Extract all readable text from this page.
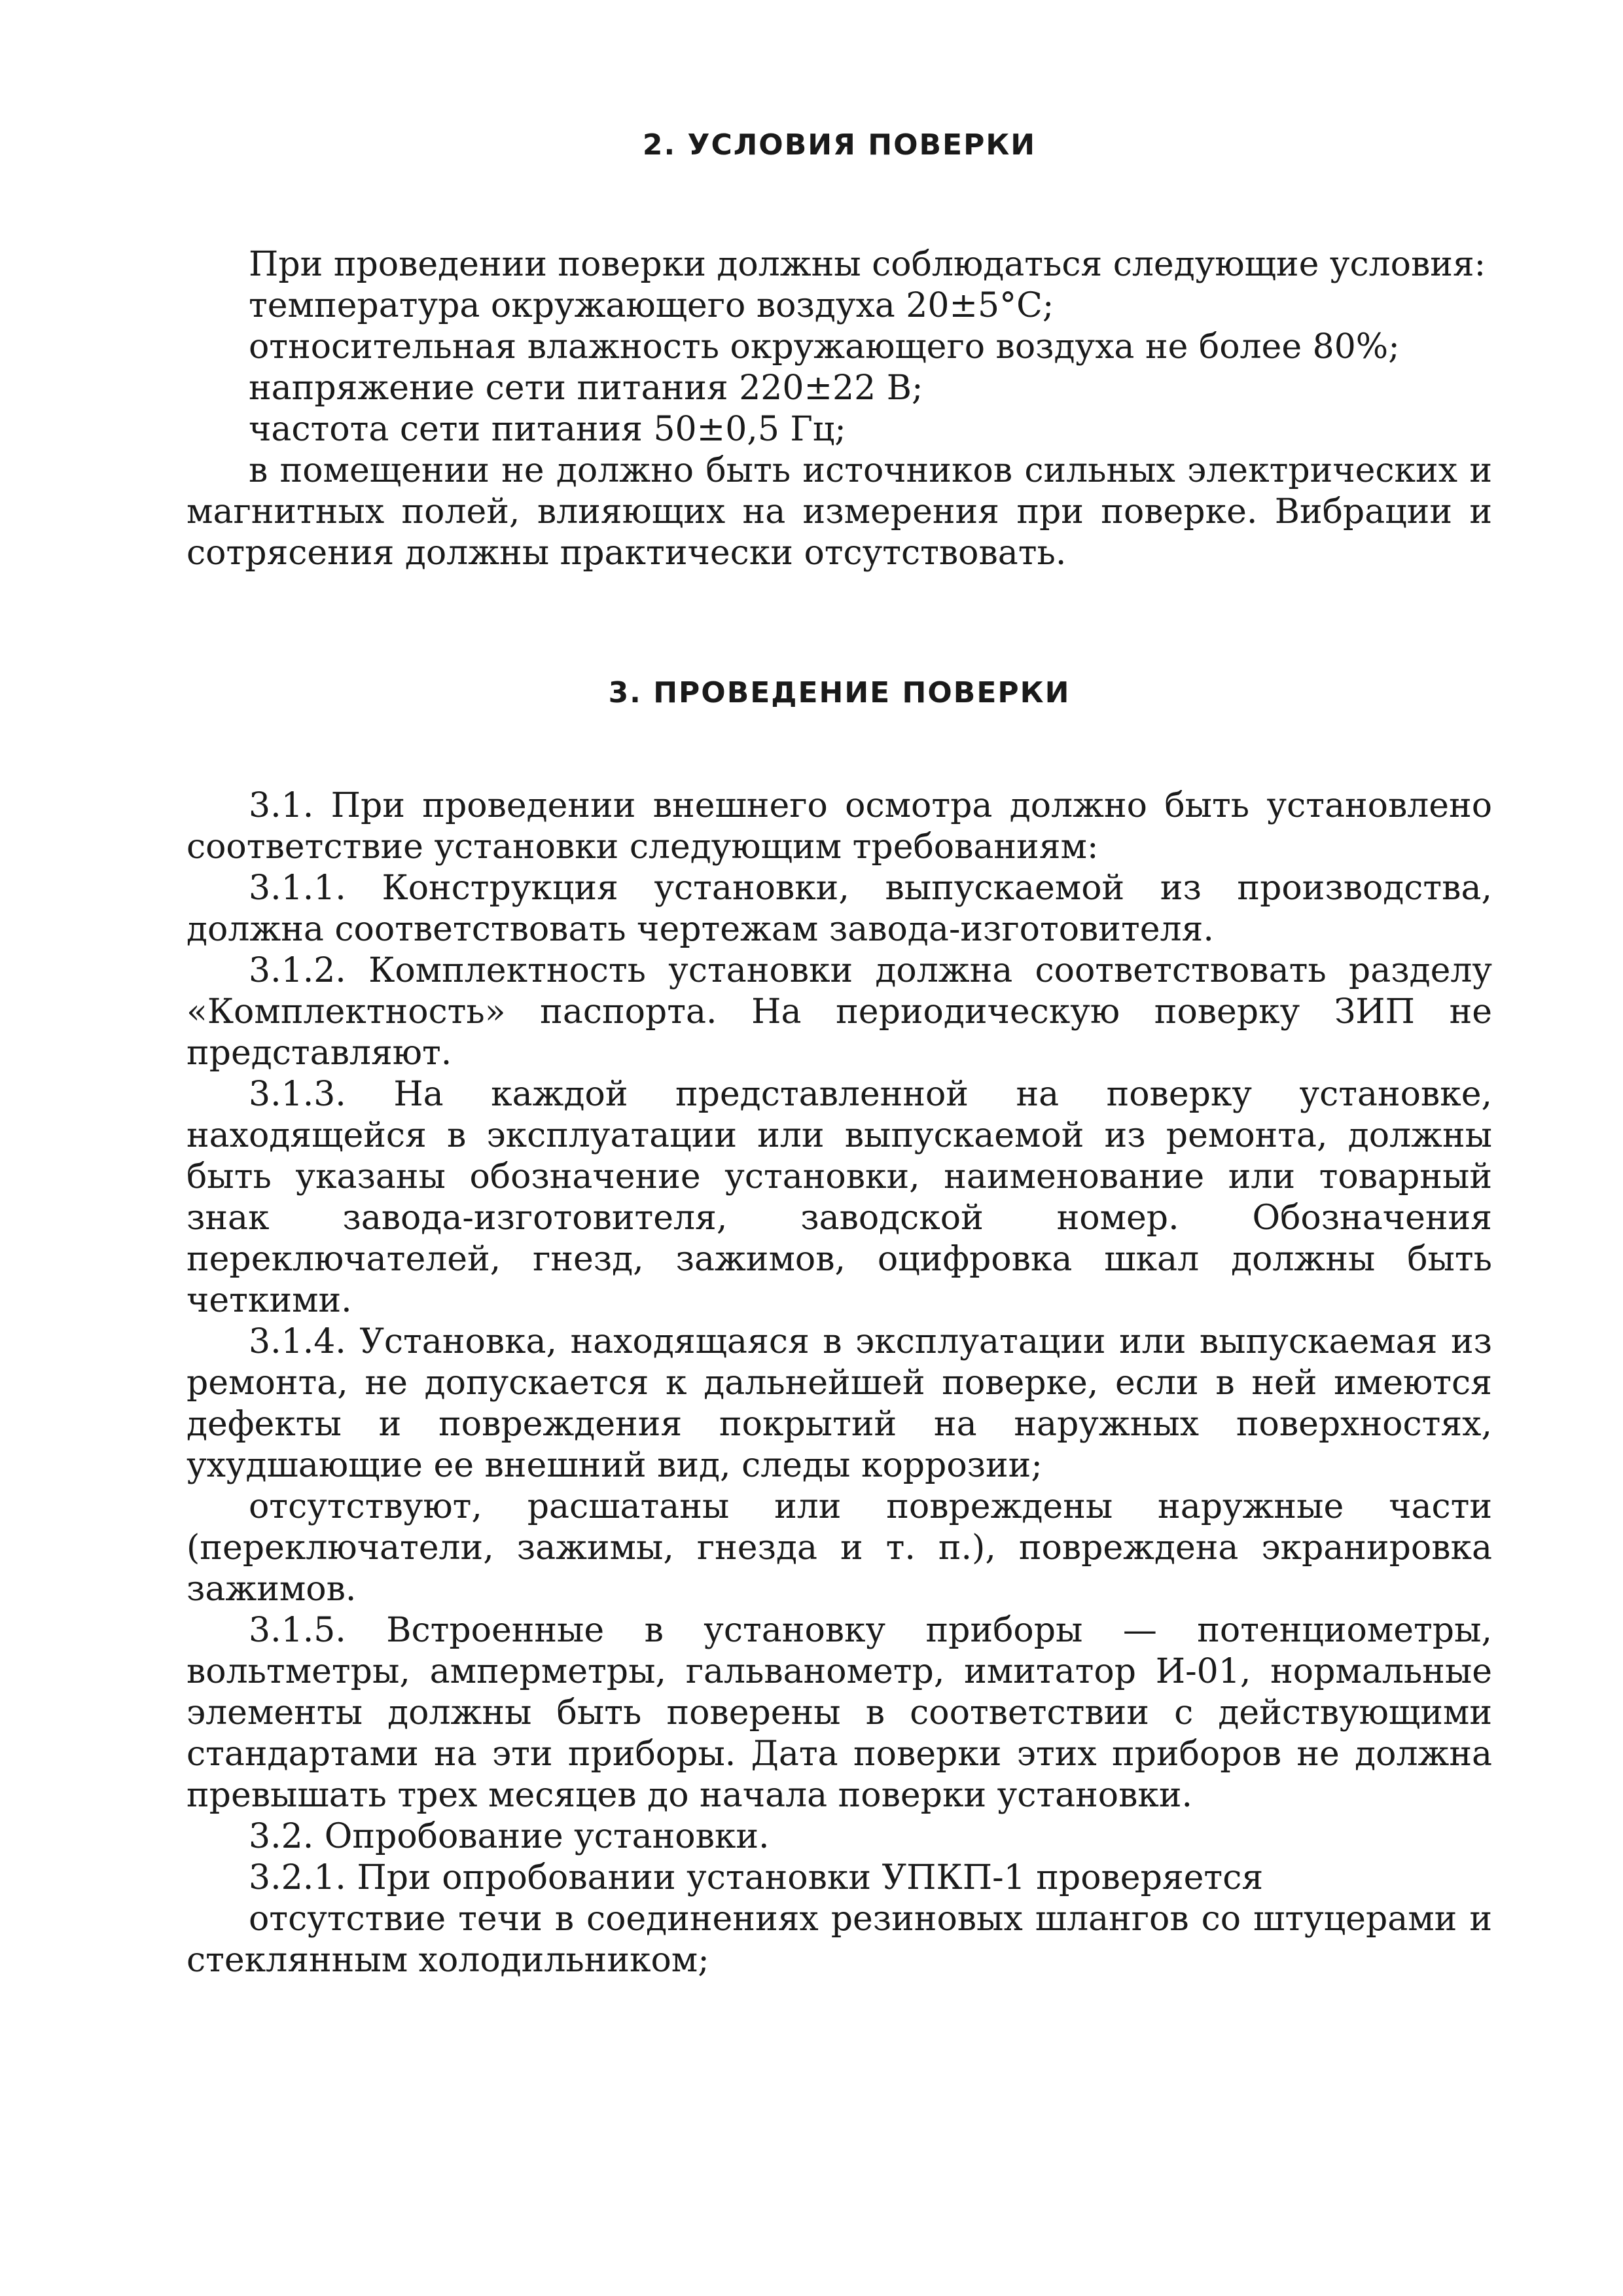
2. УСЛОВИЯ ПОВЕРКИ

При проведении поверки должны соблюдаться следующие условия:

температура окружающего воздуха 20±5°С;

относительная влажность окружающего воздуха не более 80%;

напряжение сети питания 220±22 В;

частота сети питания 50±0,5 Гц;

в помещении не должно быть источников сильных электрических и магнитных полей, влияющих на измерения при поверке. Вибрации и сотрясения должны практически отсутствовать.

3. ПРОВЕДЕНИЕ ПОВЕРКИ

3.1. При проведении внешнего осмотра должно быть установлено соответствие установки следующим требованиям:

3.1.1. Конструкция установки, выпускаемой из производства, должна соответствовать чертежам завода-изготовителя.

3.1.2. Комплектность установки должна соответствовать разделу «Комплектность» паспорта. На периодическую поверку ЗИП не представляют.

3.1.3. На каждой представленной на поверку установке, находящейся в эксплуатации или выпускаемой из ремонта, должны быть указаны обозначение установки, наименование или товарный знак завода-изготовителя, заводской номер. Обозначения переключателей, гнезд, зажимов, оцифровка шкал должны быть четкими.

3.1.4. Установка, находящаяся в эксплуатации или выпускаемая из ремонта, не допускается к дальнейшей поверке, если в ней имеются дефекты и повреждения покрытий на наружных поверхностях, ухудшающие ее внешний вид, следы коррозии;

отсутствуют, расшатаны или повреждены наружные части (переключатели, зажимы, гнезда и т. п.), повреждена экранировка зажимов.

3.1.5. Встроенные в установку приборы — потенциометры, вольтметры, амперметры, гальванометр, имитатор И-01, нормальные элементы должны быть поверены в соответствии с действующими стандартами на эти приборы. Дата поверки этих приборов не должна превышать трех месяцев до начала поверки установки.

3.2. Опробование установки.

3.2.1. При опробовании установки УПКП-1 проверяется

отсутствие течи в соединениях резиновых шлангов со штуцерами и стеклянным холодильником;
